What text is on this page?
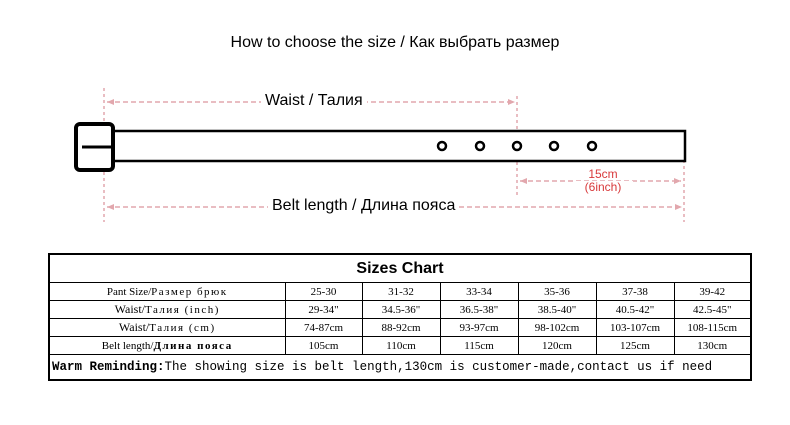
How to choose the size / Как выбрать размер
Waist / Талия
Belt length / Длина пояса
15cm
(6inch)
Sizes Chart						
Pant Size/Размер брюк	25-30	31-32	33-34	35-36	37-38	39-42
Waist/Талия (inch)	29-34"	34.5-36"	36.5-38"	38.5-40"	40.5-42"	42.5-45"
Waist/Талия (cm)	74-87cm	88-92cm	93-97cm	98-102cm	103-107cm	108-115cm
Belt length/Длина пояса	105cm	110cm	115cm	120cm	125cm	130cm
Warm Reminding:The showing size is belt length,130cm is customer-made,contact us if need						
